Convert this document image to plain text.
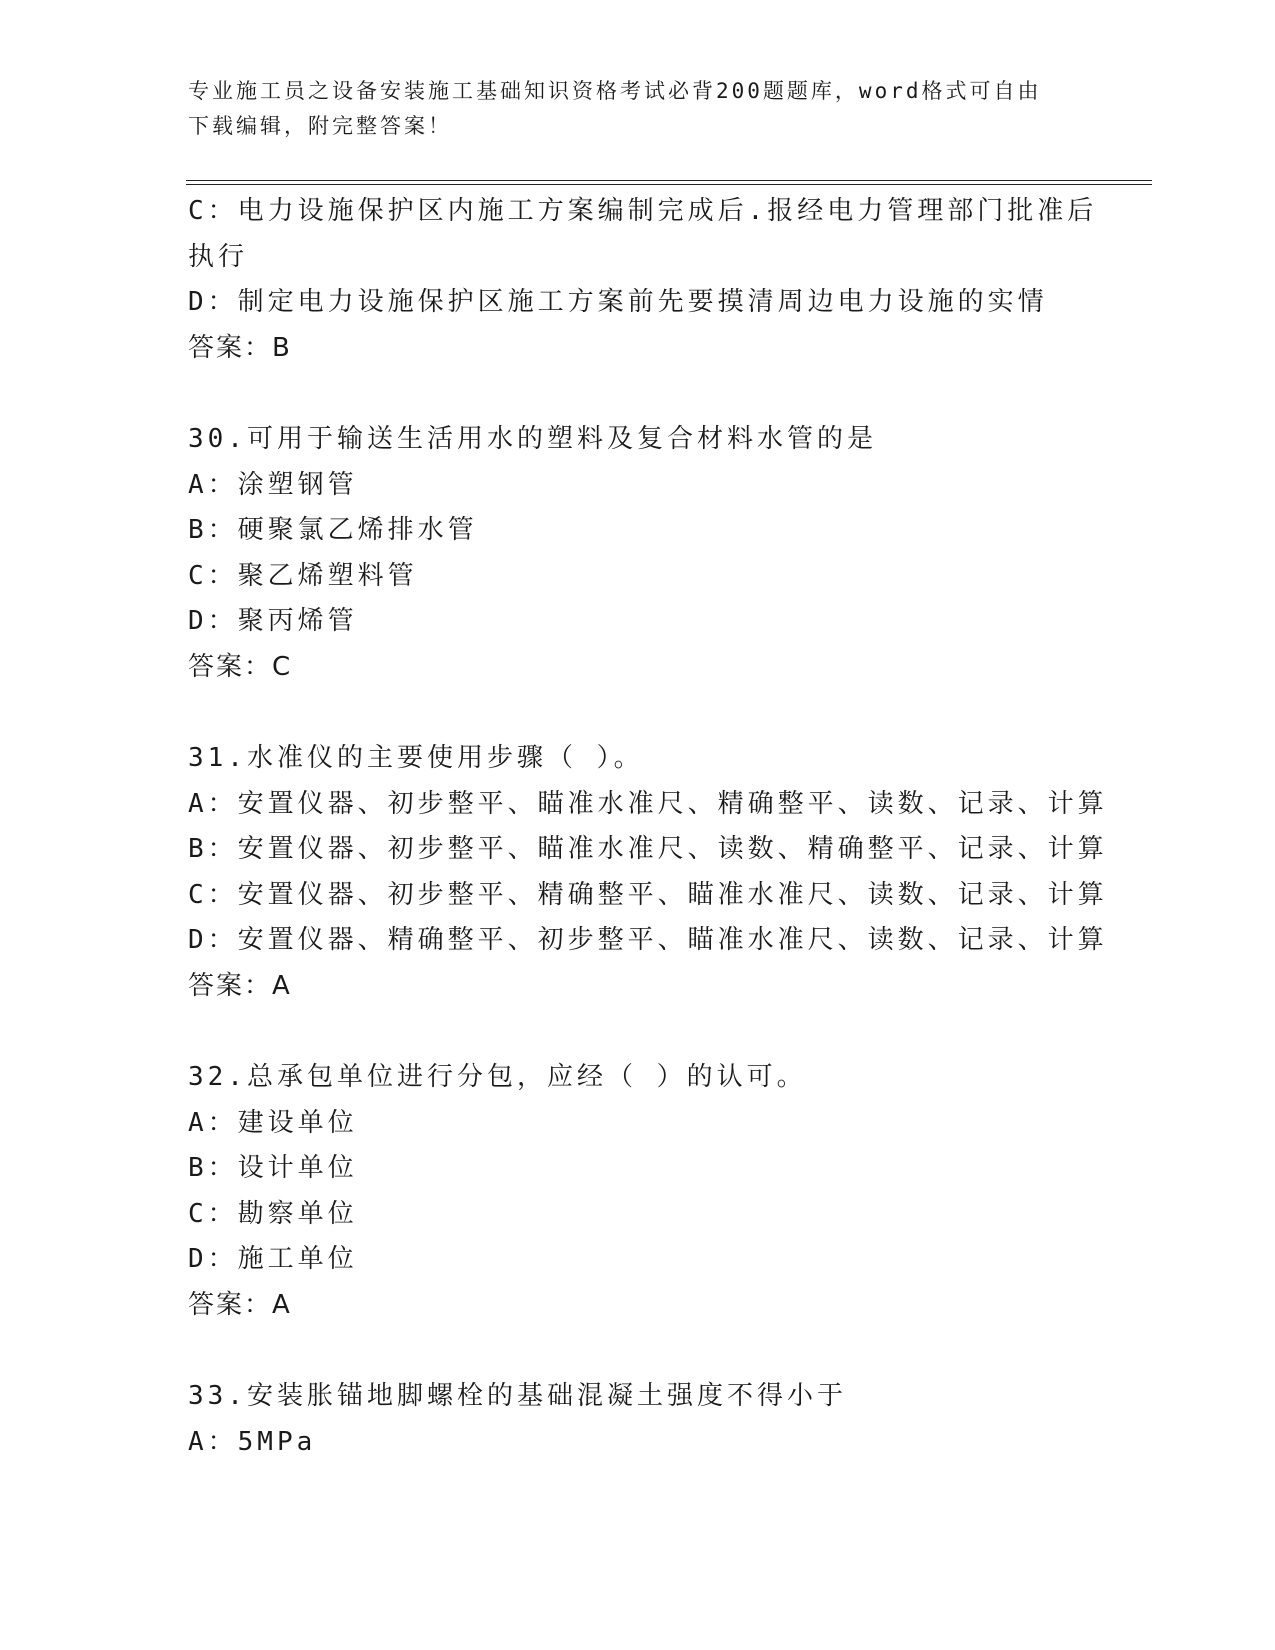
专业施工员之设备安装施工基础知识资格考试必背200题题库，word格式可自由
下载编辑，附完整答案！
C：电力设施保护区内施工方案编制完成后.报经电力管理部门批准后
执行
D：制定电力设施保护区施工方案前先要摸清周边电力设施的实情
答案：B
30.可用于输送生活用水的塑料及复合材料水管的是
A：涂塑钢管
B：硬聚氯乙烯排水管
C：聚乙烯塑料管
D：聚丙烯管
答案：C
31.水准仪的主要使用步骤（ ）。
A：安置仪器、初步整平、瞄准水准尺、精确整平、读数、记录、计算
B：安置仪器、初步整平、瞄准水准尺、读数、精确整平、记录、计算
C：安置仪器、初步整平、精确整平、瞄准水准尺、读数、记录、计算
D：安置仪器、精确整平、初步整平、瞄准水准尺、读数、记录、计算
答案：A
32.总承包单位进行分包，应经（ ）的认可。
A：建设单位
B：设计单位
C：勘察单位
D：施工单位
答案：A
33.安装胀锚地脚螺栓的基础混凝土强度不得小于
A：5MPa
